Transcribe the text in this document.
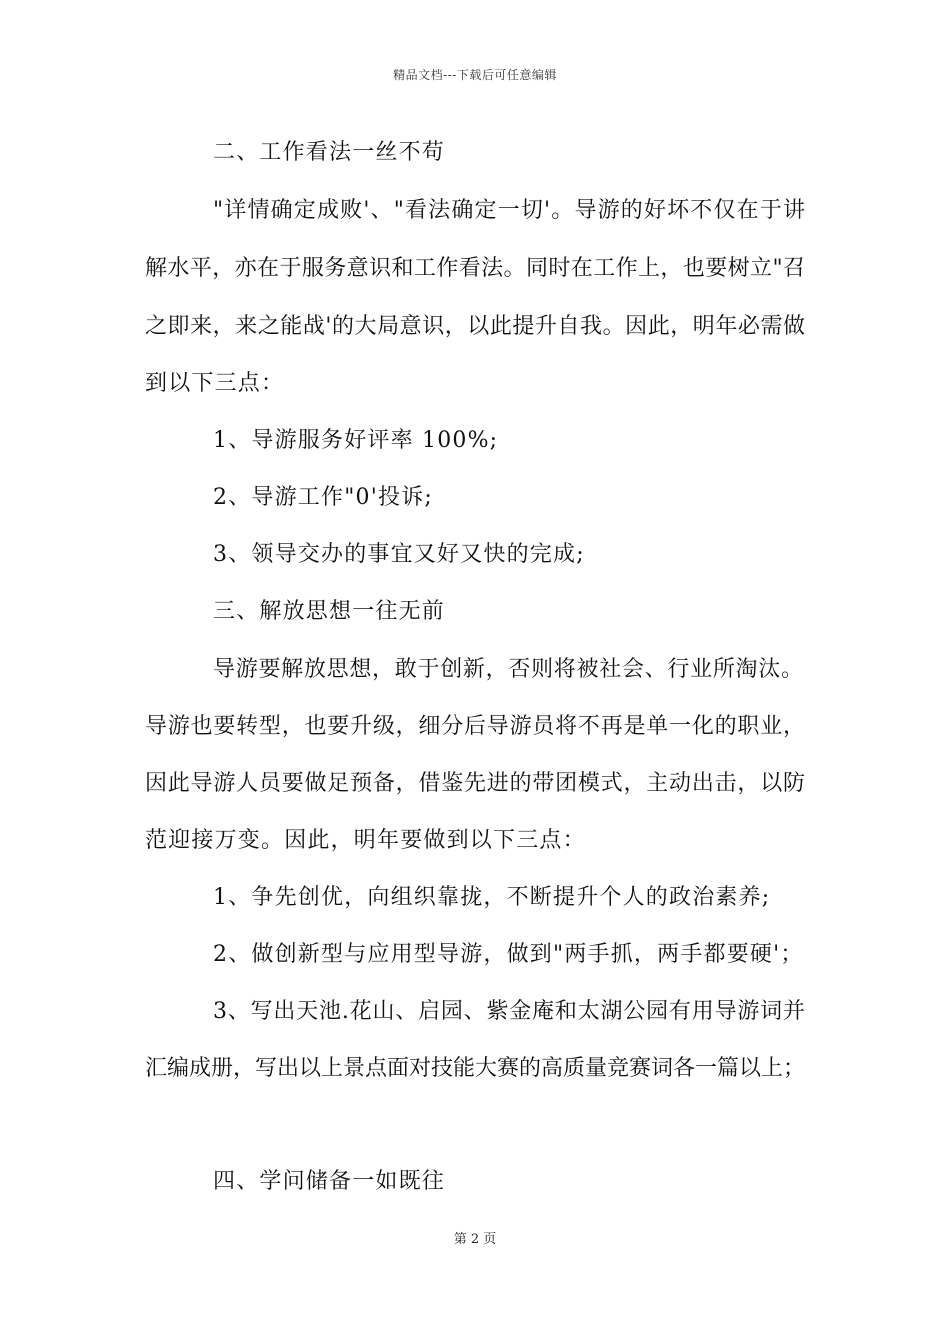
精品文档---下载后可任意编辑
二、工作看法一丝不苟
"详情确定成败'、"看法确定一切'。导游的好坏不仅在于讲
解水平，亦在于服务意识和工作看法。同时在工作上，也要树立"召
之即来，来之能战'的大局意识，以此提升自我。因此，明年必需做
到以下三点：
1、导游服务好评率 100%;
2、导游工作"0'投诉;
3、领导交办的事宜又好又快的完成;
三、解放思想一往无前
导游要解放思想，敢于创新，否则将被社会、行业所淘汰。
导游也要转型，也要升级，细分后导游员将不再是单一化的职业，
因此导游人员要做足预备，借鉴先进的带团模式，主动出击，以防
范迎接万变。因此，明年要做到以下三点：
1、争先创优，向组织靠拢，不断提升个人的政治素养;
2、做创新型与应用型导游，做到"两手抓，两手都要硬'；
3、写出天池.花山、启园、紫金庵和太湖公园有用导游词并
汇编成册，写出以上景点面对技能大赛的高质量竞赛词各一篇以上；
四、学问储备一如既往
第 2 页
